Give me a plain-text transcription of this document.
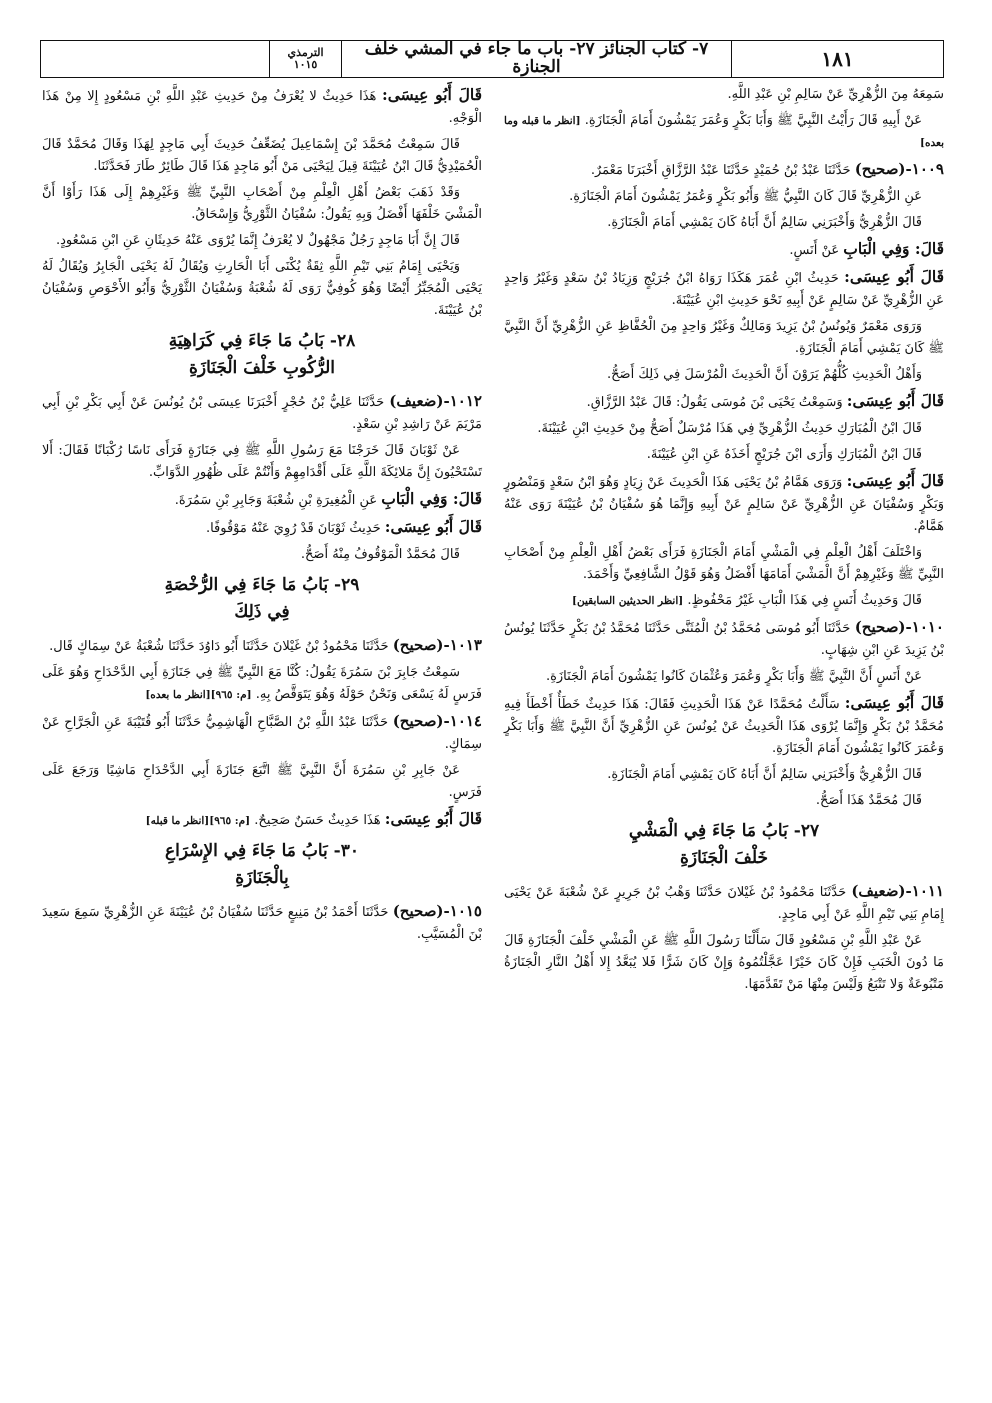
١٨١
٧- كتاب الجنائز ٢٧- باب ما جاء في المشي خلف الجنازة
الترمذي
١٠١٥

سَمِعَهُ مِنَ الزُّهْرِيِّ عَنْ سَالِمِ بْنِ عَبْدِ اللَّهِ.

عَنْ أَبِيهِ قَالَ رَأَيْتُ النَّبِيَّ ﷺ وَأَبَا بَكْرٍ وَعُمَرَ يَمْشُونَ أَمَامَ الْجَنَازَةِ. [انظر ما قبله وما بعده]

١٠٠٩-(صحيح) حَدَّثَنَا عَبْدُ بْنُ حُمَيْدٍ حَدَّثَنَا عَبْدُ الرَّزَّاقِ أَخْبَرَنَا مَعْمَرٌ.

عَنِ الزُّهْرِيِّ قَالَ كَانَ النَّبِيُّ ﷺ وَأَبُو بَكْرٍ وَعُمَرُ يَمْشُونَ أَمَامَ الْجَنَازَةِ.

قَالَ الزُّهْرِيُّ وَأَخْبَرَنِي سَالِمٌ أَنَّ أَبَاهُ كَانَ يَمْشِي أَمَامَ الْجَنَازَةِ.

قَالَ: وَفِي الْبَابِ عَنْ أَنَسٍ.

قَالَ أَبُو عِيسَى: حَدِيثُ ابْنِ عُمَرَ هَكَذَا رَوَاهُ ابْنُ جُرَيْجٍ وَزِيَادُ بْنُ سَعْدٍ وَغَيْرُ وَاحِدٍ عَنِ الزُّهْرِيِّ عَنْ سَالِمٍ عَنْ أَبِيهِ نَحْوَ حَدِيثِ ابْنِ عُيَيْنَةَ.

وَرَوَى مَعْمَرٌ وَيُونُسُ بْنُ يَزِيدَ وَمَالِكٌ وَغَيْرُ وَاحِدٍ مِنَ الْحُفَّاظِ عَنِ الزُّهْرِيِّ أَنَّ النَّبِيَّ ﷺ كَانَ يَمْشِي أَمَامَ الْجَنَازَةِ.

وَأَهْلُ الْحَدِيثِ كُلُّهُمْ يَرَوْنَ أَنَّ الْحَدِيثَ الْمُرْسَلَ فِي ذَلِكَ أَصَحُّ.

قَالَ أَبُو عِيسَى: وَسَمِعْتُ يَحْيَى بْنَ مُوسَى يَقُولُ: قَالَ عَبْدُ الرَّزَّاقِ.

قَالَ ابْنُ الْمُبَارَكِ حَدِيثُ الزُّهْرِيِّ فِي هَذَا مُرْسَلٌ أَصَحُّ مِنْ حَدِيثِ ابْنِ عُيَيْنَةَ.

قَالَ ابْنُ الْمُبَارَكِ وَأَرَى ابْنَ جُرَيْجٍ أَخَذَهُ عَنِ ابْنِ عُيَيْنَةَ.

قَالَ أَبُو عِيسَى: وَرَوَى هَمَّامُ بْنُ يَحْيَى هَذَا الْحَدِيثَ عَنْ زِيَادٍ وَهُوَ ابْنُ سَعْدٍ وَمَنْصُورٍ وَبَكْرٍ وَسُفْيَانَ عَنِ الزُّهْرِيِّ عَنْ سَالِمٍ عَنْ أَبِيهِ وَإِنَّمَا هُوَ سُفْيَانُ بْنُ عُيَيْنَةَ رَوَى عَنْهُ هَمَّامٌ.

وَاخْتَلَفَ أَهْلُ الْعِلْمِ فِي الْمَشْيِ أَمَامَ الْجَنَازَةِ فَرَأَى بَعْضُ أَهْلِ الْعِلْمِ مِنْ أَصْحَابِ النَّبِيِّ ﷺ وَغَيْرِهِمْ أَنَّ الْمَشْيَ أَمَامَهَا أَفْضَلُ وَهُوَ قَوْلُ الشَّافِعِيِّ وَأَحْمَدَ.

قَالَ وَحَدِيثُ أَنَسٍ فِي هَذَا الْبَابِ غَيْرُ مَحْفُوظٍ. [انظر الحديثين السابقين]

١٠١٠-(صحيح) حَدَّثَنَا أَبُو مُوسَى مُحَمَّدُ بْنُ الْمُثَنَّى حَدَّثَنَا مُحَمَّدُ بْنُ بَكْرٍ حَدَّثَنَا يُونُسُ بْنُ يَزِيدَ عَنِ ابْنِ شِهَابٍ.

عَنْ أَنَسٍ أَنَّ النَّبِيَّ ﷺ وَأَبَا بَكْرٍ وَعُمَرَ وَعُثْمَانَ كَانُوا يَمْشُونَ أَمَامَ الْجَنَازَةِ.

قَالَ أَبُو عِيسَى: سَأَلْتُ مُحَمَّدًا عَنْ هَذَا الْحَدِيثِ فَقَالَ: هَذَا حَدِيثٌ خَطَأٌ أَخْطَأَ فِيهِ مُحَمَّدُ بْنُ بَكْرٍ وَإِنَّمَا يُرْوَى هَذَا الْحَدِيثُ عَنْ يُونُسَ عَنِ الزُّهْرِيِّ أَنَّ النَّبِيَّ ﷺ وَأَبَا بَكْرٍ وَعُمَرَ كَانُوا يَمْشُونَ أَمَامَ الْجَنَازَةِ.

قَالَ الزُّهْرِيُّ وَأَخْبَرَنِي سَالِمٌ أَنَّ أَبَاهُ كَانَ يَمْشِي أَمَامَ الْجَنَازَةِ.

قَالَ مُحَمَّدٌ هَذَا أَصَحُّ.

٢٧- بَابُ مَا جَاءَ فِي الْمَشْيِ
خَلْفَ الْجَنَازَةِ

١٠١١-(ضعيف) حَدَّثَنَا مَحْمُودُ بْنُ غَيْلانَ حَدَّثَنَا وَهْبُ بْنُ جَرِيرٍ عَنْ شُعْبَةَ عَنْ يَحْيَى إِمَامِ بَنِي تَيْمِ اللَّهِ عَنْ أَبِي مَاجِدٍ.

عَنْ عَبْدِ اللَّهِ بْنِ مَسْعُودٍ قَالَ سَأَلْنَا رَسُولَ اللَّهِ ﷺ عَنِ الْمَشْيِ خَلْفَ الْجَنَازَةِ قَالَ مَا دُونَ الْخَبَبِ فَإِنْ كَانَ خَيْرًا عَجَّلْتُمُوهُ وَإِنْ كَانَ شَرًّا فَلا يُبَعَّدُ إِلا أَهْلُ النَّارِ الْجَنَازَةُ مَتْبُوعَةٌ وَلا تَتْبَعُ وَلَيْسَ مِنْهَا مَنْ تَقَدَّمَهَا.

قَالَ أَبُو عِيسَى: هَذَا حَدِيثٌ لا يُعْرَفُ مِنْ حَدِيثِ عَبْدِ اللَّهِ بْنِ مَسْعُودٍ إِلا مِنْ هَذَا الْوَجْهِ.

قَالَ سَمِعْتُ مُحَمَّدَ بْنَ إِسْمَاعِيلَ يُضَعِّفُ حَدِيثَ أَبِي مَاجِدٍ لِهَذَا وَقَالَ مُحَمَّدٌ قَالَ الْحُمَيْدِيُّ قَالَ ابْنُ عُيَيْنَةَ قِيلَ لِيَحْيَى مَنْ أَبُو مَاجِدٍ هَذَا قَالَ طَائِرٌ طَارَ فَحَدَّثَنَا.

وَقَدْ ذَهَبَ بَعْضُ أَهْلِ الْعِلْمِ مِنْ أَصْحَابِ النَّبِيِّ ﷺ وَغَيْرِهِمْ إِلَى هَذَا رَأَوْا أَنَّ الْمَشْيَ خَلْفَهَا أَفْضَلُ وَبِهِ يَقُولُ: سُفْيَانُ الثَّوْرِيُّ وَإِسْحَاقُ.

قَالَ إِنَّ أَبَا مَاجِدٍ رَجُلٌ مَجْهُولٌ لا يُعْرَفُ إِنَّمَا يُرْوَى عَنْهُ حَدِيثَانِ عَنِ ابْنِ مَسْعُودٍ.

وَيَحْيَى إِمَامُ بَنِي تَيْمِ اللَّهِ ثِقَةٌ يُكْنَى أَبَا الْحَارِثِ وَيُقَالُ لَهُ يَحْيَى الْجَابِرُ وَيُقَالُ لَهُ يَحْيَى الْمُجَبِّرُ أَيْضًا وَهُوَ كُوفِيٌّ رَوَى لَهُ شُعْبَةُ وَسُفْيَانُ الثَّوْرِيُّ وَأَبُو الأَحْوَصِ وَسُفْيَانُ بْنُ عُيَيْنَةَ.

٢٨- بَابُ مَا جَاءَ فِي كَرَاهِيَةِ
الرُّكُوبِ خَلْفَ الْجَنَازَةِ

١٠١٢-(ضعيف) حَدَّثَنَا عَلِيُّ بْنُ حُجْرٍ أَخْبَرَنَا عِيسَى بْنُ يُونُسَ عَنْ أَبِي بَكْرِ بْنِ أَبِي مَرْيَمَ عَنْ رَاشِدِ بْنِ سَعْدٍ.

عَنْ ثَوْبَانَ قَالَ خَرَجْنَا مَعَ رَسُولِ اللَّهِ ﷺ فِي جَنَازَةٍ فَرَأَى نَاسًا رُكْبَانًا فَقَالَ: أَلا تَسْتَحْيُونَ إِنَّ مَلائِكَةَ اللَّهِ عَلَى أَقْدَامِهِمْ وَأَنْتُمْ عَلَى ظُهُورِ الدَّوَابِّ.

قَالَ: وَفِي الْبَابِ عَنِ الْمُغِيرَةِ بْنِ شُعْبَةَ وَجَابِرِ بْنِ سَمُرَةَ.

قَالَ أَبُو عِيسَى: حَدِيثُ ثَوْبَانَ قَدْ رُوِيَ عَنْهُ مَوْقُوفًا.

قَالَ مُحَمَّدٌ الْمَوْقُوفُ مِنْهُ أَصَحُّ.

٢٩- بَابُ مَا جَاءَ فِي الرُّخْصَةِ
فِي ذَلِكَ

١٠١٣-(صحيح) حَدَّثَنَا مَحْمُودُ بْنُ غَيْلانَ حَدَّثَنَا أَبُو دَاوُدَ حَدَّثَنَا شُعْبَةُ عَنْ سِمَاكٍ قَال.

سَمِعْتُ جَابِرَ بْنَ سَمُرَةَ يَقُولُ: كُنَّا مَعَ النَّبِيِّ ﷺ فِي جَنَازَةِ أَبِي الدَّحْدَاحِ وَهُوَ عَلَى فَرَسٍ لَهُ يَسْعَى وَنَحْنُ حَوْلَهُ وَهُوَ يَتَوَقَّصُ بِهِ. [م: ٩٦٥][انظر ما بعده]

١٠١٤-(صحيح) حَدَّثَنَا عَبْدُ اللَّهِ بْنُ الصَّبَّاحِ الْهَاشِمِيُّ حَدَّثَنَا أَبُو قُتَيْبَةَ عَنِ الْجَرَّاحِ عَنْ سِمَاكٍ.

عَنْ جَابِرِ بْنِ سَمُرَةَ أَنَّ النَّبِيَّ ﷺ اتَّبَعَ جَنَازَةَ أَبِي الدَّحْدَاحِ مَاشِيًا وَرَجَعَ عَلَى فَرَسٍ.

قَالَ أَبُو عِيسَى: هَذَا حَدِيثٌ حَسَنٌ صَحِيحٌ. [م: ٩٦٥][انظر ما قبله]

٣٠- بَابُ مَا جَاءَ فِي الإِسْرَاعِ
بِالْجَنَازَةِ

١٠١٥-(صحيح) حَدَّثَنَا أَحْمَدُ بْنُ مَنِيعٍ حَدَّثَنَا سُفْيَانُ بْنُ عُيَيْنَةَ عَنِ الزُّهْرِيِّ سَمِعَ سَعِيدَ بْنَ الْمُسَيَّبِ.
